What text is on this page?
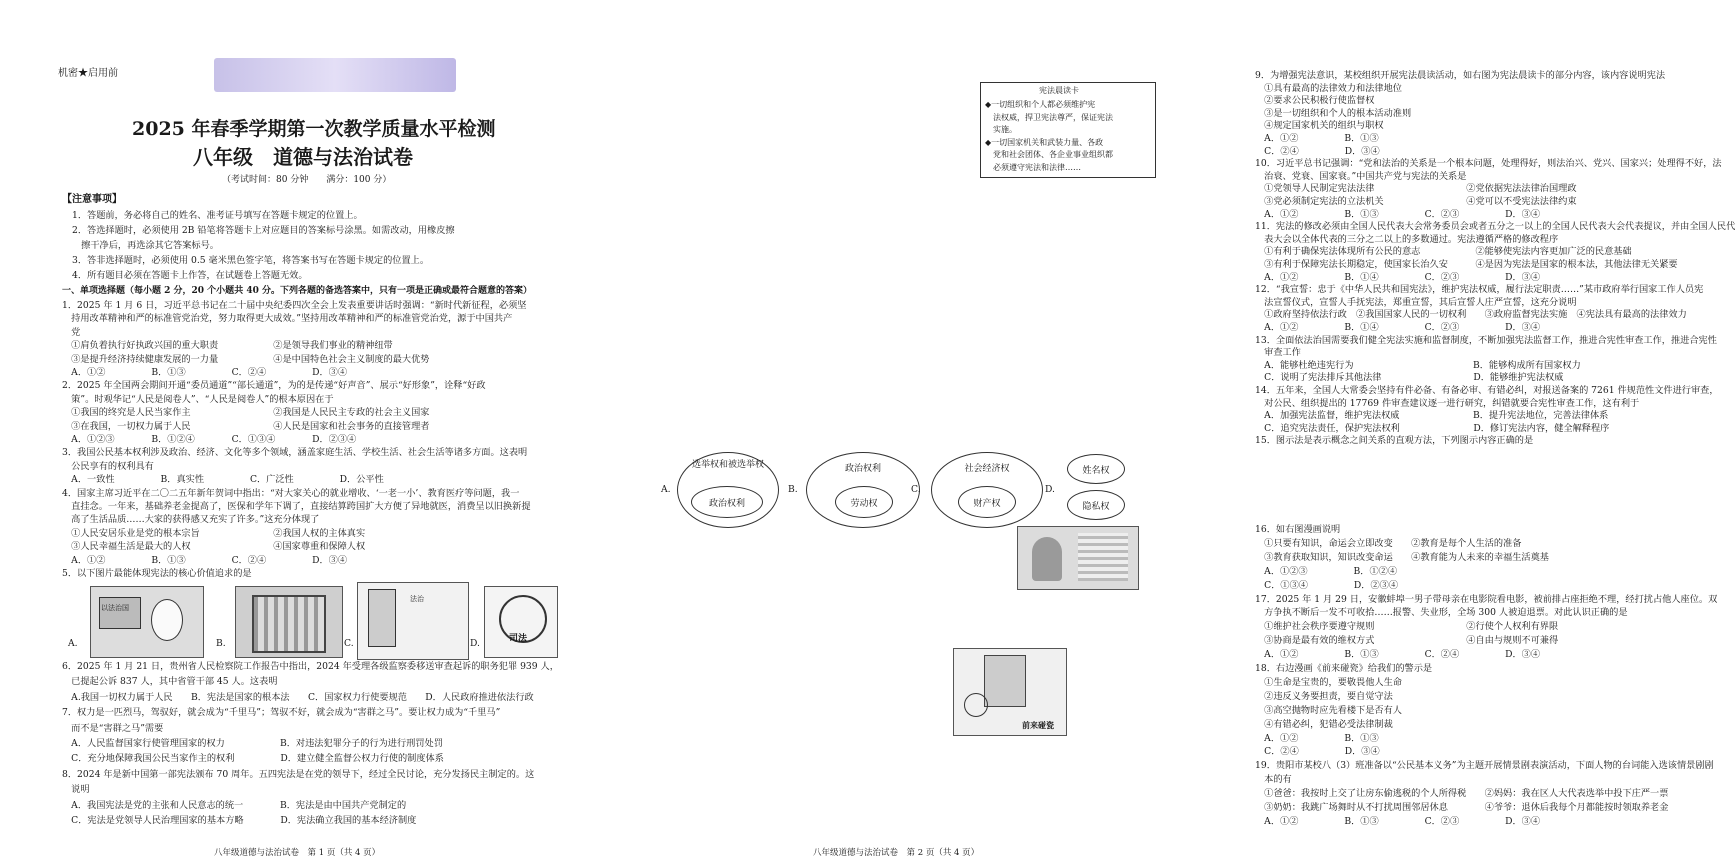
机密★启用前
2025 年春季学期第一次教学质量水平检测
八年级　道德与法治试卷
（考试时间：80 分钟　　满分：100 分）
【注意事项】
1．答题前，务必将自己的姓名、准考证号填写在答题卡规定的位置上。
2．答选择题时，必须使用 2B 铅笔将答题卡上对应题目的答案标号涂黑。如需改动，用橡皮擦
　擦干净后，再选涂其它答案标号。
3．答非选择题时，必须使用 0.5 毫米黑色签字笔，将答案书写在答题卡规定的位置上。
4．所有题目必须在答题卡上作答，在试题卷上答题无效。
一、单项选择题（每小题 2 分，20 个小题共 40 分。下列各题的备选答案中，只有一项是正确或最符合题意的答案）
1．2025 年 1 月 6 日，习近平总书记在二十届中央纪委四次全会上发表重要讲话时强调：“新时代新征程，必须坚
　持用改革精神和严的标准管党治党，努力取得更大成效。”坚持用改革精神和严的标准管党治党，源于中国共产
　党
　①肩负着执行好执政兴国的重大职责　　　　　　②是领导我们事业的精神纽带
　③是提升经济持续健康发展的一力量　　　　　　④是中国特色社会主义制度的最大优势
　A．①②　　　　　B．①③　　　　　C．②④　　　　　D．③④
2．2025 年全国两会期间开通“委员通道”“部长通道”，为的是传递“好声音”、展示“好形象”，诠释“好政
　策”。时观华记“人民是阅卷人”、“人民是阅卷人”的根本原因在于
　①我国的终究是人民当家作主　　　　　　　　　②我国是人民民主专政的社会主义国家
　③在我国，一切权力属于人民　　　　　　　　　④人民是国家和社会事务的直接管理者
　A．①②③　　　　B．①②④　　　　C．①③④　　　　D．②③④
3．我国公民基本权利涉及政治、经济、文化等多个领域，涵盖家庭生活、学校生活、社会生活等诸多方面。这表明
　公民享有的权利具有
　A．一致性　　　　　B．真实性　　　　　C．广泛性　　　　　D．公平性
4．国家主席习近平在二〇二五年新年贺词中指出：“对大家关心的就业增收、‘一老一小’、教育医疗等问题，我一
　直挂念。一年来，基础养老金提高了，医保和学年下调了，直接结算跨国扩大方便了异地就医，消费呈以旧换新提
　高了生活品质……大家的获得感又充实了许多。”这充分体现了
　①人民安居乐业是党的根本宗旨　　　　　　　　②我国人权的主体真实
　③人民幸福生活是最大的人权　　　　　　　　　④国家尊重和保障人权
　A．①②　　　　　B．①③　　　　　C．②④　　　　　D．③④
5．以下图片最能体现宪法的核心价值追求的是
A.
以法治国
B.	C.
法治
D.	司法
6．2025 年 1 月 21 日，贵州省人民检察院工作报告中指出，2024 年受理各级监察委移送审查起诉的职务犯罪 939 人，
　已提起公诉 837 人，其中省管干部 45 人。这表明
　A.我国一切权力属于人民　　B．宪法是国家的根本法　　C．国家权力行使要规范　　D．人民政府推进依法行政
7．权力是一匹烈马，驾驭好，就会成为“千里马”；驾驭不好，就会成为“害群之马”。要让权力成为“千里马”
　而不是“害群之马”需要
　A．人民监督国家行使管理国家的权力　　　　　　B．对违法犯罪分子的行为进行刑罚处罚
　C．充分地保障我国公民当家作主的权利　　　　　D．建立健全监督公权力行使的制度体系
8．2024 年是新中国第一部宪法颁布 70 周年。五四宪法是在党的领导下，经过全民讨论，充分发扬民主制定的。这
　说明
　A．我国宪法是党的主张和人民意志的统一　　　　B．宪法是由中国共产党制定的
　C．宪法是党领导人民治理国家的基本方略　　　　D．宪法确立我国的基本经济制度
八年级道德与法治试卷　第 1 页（共 4 页）
9．为增强宪法意识，某校组织开展宪法晨读活动，如右图为宪法晨读卡的部分内容，该内容说明宪法
　①具有最高的法律效力和法律地位
　②要求公民积极行使监督权
　③是一切组织和个人的根本活动准则
　④规定国家机关的组织与职权
　A．①②　　　　　B．①③
　C．②④　　　　　D．③④
10．习近平总书记强调：“党和法治的关系是一个根本问题，处理得好，则法治兴、党兴、国家兴；处理得不好，法
　治衰、党衰、国家衰。”中国共产党与宪法的关系是
　①党领导人民制定宪法法律　　　　　　　　　　②党依据宪法法律治国理政
　③党必须制定宪法的立法机关　　　　　　　　　④党可以不受宪法法律约束
　A．①②　　　　　B．①③　　　　　C．②③　　　　　D．③④
11．宪法的修改必须由全国人民代表大会常务委员会或者五分之一以上的全国人民代表大会代表提议，并由全国人民代
　表大会以全体代表的三分之二以上的多数通过。宪法遵循严格的修改程序
　①有利于确保宪法体现所有公民的意志　　　　　　②能够使宪法内容更加广泛的民意基础
　③有利于保障宪法长期稳定，使国家长治久安　　　④是因为宪法是国家的根本法，其他法律无关紧要
　A．①②　　　　　B．①④　　　　　C．②③　　　　　D．③④
12．“我宣誓：忠于《中华人民共和国宪法》，维护宪法权威，履行法定职责……”某市政府举行国家工作人员宪
　法宣誓仪式，宣誓人手抚宪法，郑重宣誓，其后宣誓人庄严宣誓，这充分说明
　①政府坚持依法行政　②我国国家人民的一切权利　　③政府监督宪法实施　④宪法具有最高的法律效力
　A．①②　　　　　B．①④　　　　　C．②③　　　　　D．③④
13．全面依法治国需要我们健全宪法实施和监督制度，不断加强宪法监督工作，推进合宪性审查工作，推进合宪性
　审查工作
　A．能够杜绝违宪行为　　　　　　　　　　　　　B．能够构成所有国家权力
　C．说明了宪法排斥其他法律　　　　　　　　　　D．能够维护宪法权威
14．五年来，全国人大常委会坚持有件必备、有备必审、有错必纠，对报送备案的 7261 件规范性文件进行审查，
　对公民、组织提出的 17769 件审查建议逐一进行研究，纠错就要合宪性审查工作，这有利于
　A．加强宪法监督，维护宪法权威　　　　　　　　B．提升宪法地位，完善法律体系
　C．追究宪法责任，保护宪法权利　　　　　　　　D．修订宪法内容，健全解释程序
15．图示法是表示概念之间关系的直观方法，下列图示内容正确的是
宪法晨读卡
◆一切组织和个人都必须维护宪
　法权威，捍卫宪法尊严，保证宪法
　实施。
◆一切国家机关和武装力量、各政
　党和社会团体、各企业事业组织都
　必须遵守宪法和法律……
A.
选举权和被选举权
政治权利
B.
政治权利
劳动权
C.
社会经济权
财产权
D.
姓名权
隐私权
16．如右图漫画说明
　①只要有知识，命运会立即改变　　②教育是每个人生活的准备
　③教育获取知识，知识改变命运　　④教育能为人未来的幸福生活奠基
　A．①②③　　　　　B．①②④
　C．①③④　　　　　D．②③④
17．2025 年 1 月 29 日，安徽蚌埠一男子带母亲在电影院看电影，被前排占座拒绝不理，经打扰占他人座位。双
　方争执不断后一发不可收拾……报警、失业形，全场 300 人被迫退票。对此认识正确的是
　①维护社会秩序要遵守规则　　　　　　　　　　②行使个人权利有界限
　③协商是最有效的维权方式　　　　　　　　　　④自由与规则不可兼得
　A．①②　　　　　B．①③　　　　　C．②④　　　　　D．③④
18．右边漫画《前来碰瓷》给我们的警示是
　①生命是宝贵的，要敬畏他人生命
　②违反义务要担责，要自觉守法
　③高空抛物时应先看楼下是否有人
　④有错必纠，犯错必受法律制裁
　A．①②　　　　　B．①③
　C．②④　　　　　D．③④
19．贵阳市某校八（3）班准备以“公民基本义务”为主题开展情景剧表演活动，下面人物的台词能入选该情景剧剧
　本的有
　①爸爸：我按时上交了让房东偷逃税的个人所得税　　②妈妈：我在区人大代表选举中投下庄严一票
　③奶奶：我跳广场舞时从不打扰周围邻居休息　　　　④爷爷：退休后我每个月都能按时领取养老金
　A．①②　　　　　B．①③　　　　　C．②③　　　　　D．③④
前来碰瓷
八年级道德与法治试卷　第 2 页（共 4 页）
